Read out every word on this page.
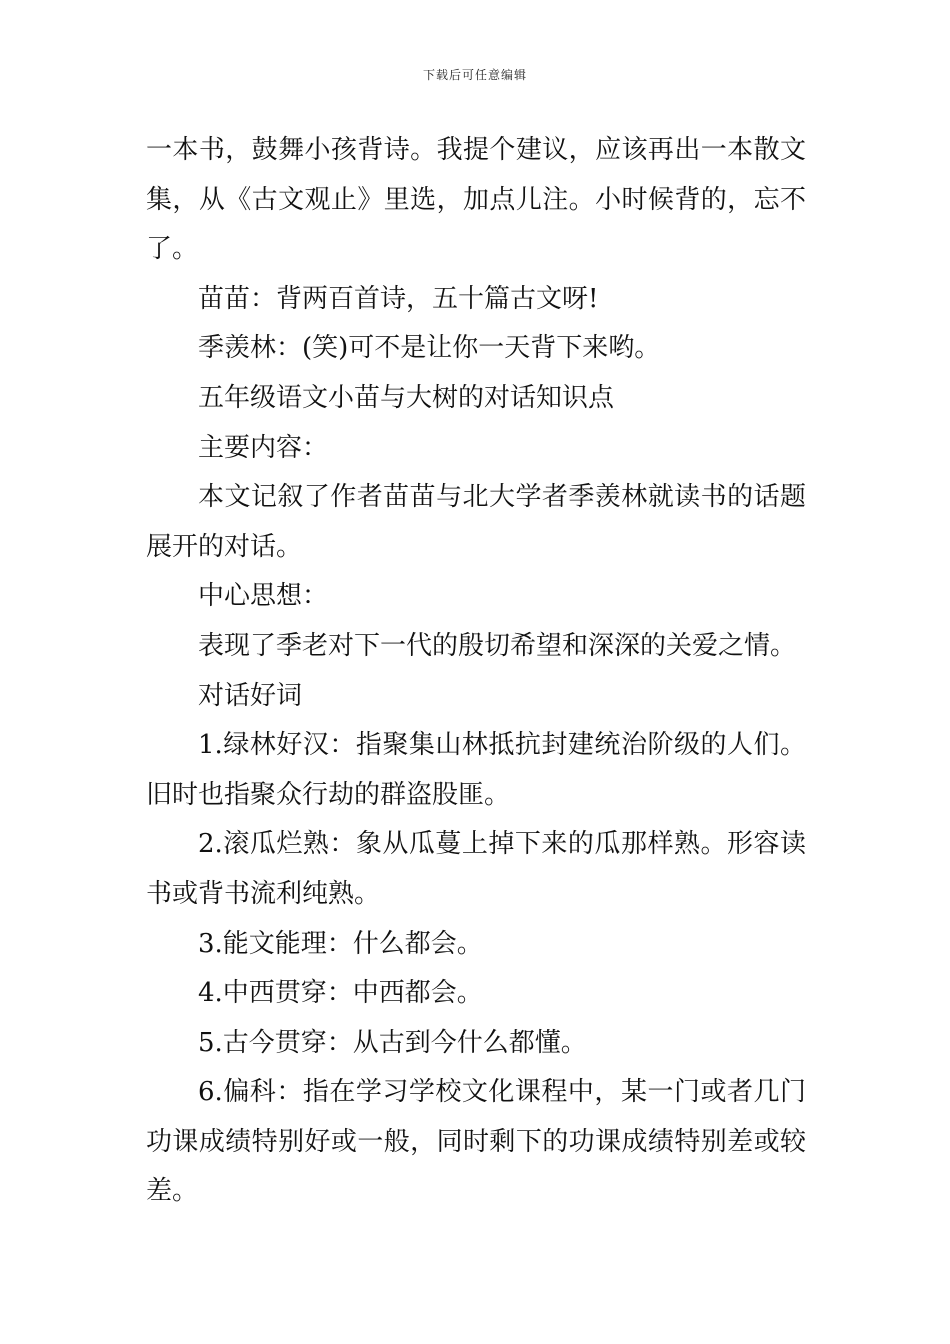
下载后可任意编辑

一本书，鼓舞小孩背诗。我提个建议，应该再出一本散文集，从《古文观止》里选，加点儿注。小时候背的，忘不了。

苗苗：背两百首诗，五十篇古文呀!

季羡林：(笑)可不是让你一天背下来哟。

五年级语文小苗与大树的对话知识点

主要内容：

本文记叙了作者苗苗与北大学者季羡林就读书的话题展开的对话。

中心思想：

表现了季老对下一代的殷切希望和深深的关爱之情。

对话好词

1.绿林好汉：指聚集山林抵抗封建统治阶级的人们。旧时也指聚众行劫的群盗股匪。

2.滚瓜烂熟：象从瓜蔓上掉下来的瓜那样熟。形容读书或背书流利纯熟。

3.能文能理：什么都会。

4.中西贯穿：中西都会。

5.古今贯穿：从古到今什么都懂。

6.偏科：指在学习学校文化课程中，某一门或者几门功课成绩特别好或一般，同时剩下的功课成绩特别差或较差。
